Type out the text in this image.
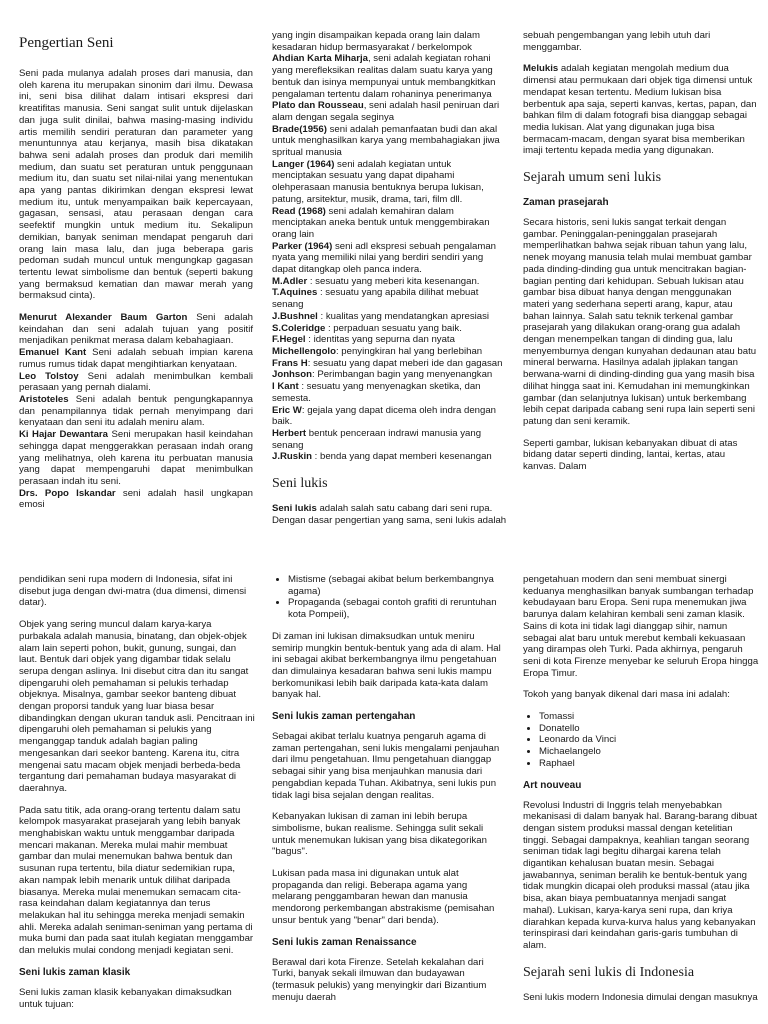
Pengertian Seni

Seni pada mulanya adalah proses dari manusia, dan oleh karena itu merupakan sinonim dari ilmu. Dewasa ini, seni bisa dilihat dalam intisari ekspresi dari kreatifitas manusia. Seni sangat sulit untuk dijelaskan dan juga sulit dinilai, bahwa masing-masing individu artis memilih sendiri peraturan dan parameter yang menuntunnya atau kerjanya, masih bisa dikatakan bahwa seni adalah proses dan produk dari memilih medium, dan suatu set peraturan untuk penggunaan medium itu, dan suatu set nilai-nilai yang menentukan apa yang pantas dikirimkan dengan ekspresi lewat medium itu, untuk menyampaikan baik kepercayaan, gagasan, sensasi, atau perasaan dengan cara seefektif mungkin untuk medium itu. Sekalipun demikian, banyak seniman mendapat pengaruh dari orang lain masa lalu, dan juga beberapa garis pedoman sudah muncul untuk mengungkap gagasan tertentu lewat simbolisme dan bentuk (seperti bakung yang bermaksud kematian dan mawar merah yang bermaksud cinta).

Menurut Alexander Baum Garton Seni adalah keindahan dan seni adalah tujuan yang positif menjadikan penikmat merasa dalam kebahagiaan.

Emanuel Kant Seni adalah sebuah impian karena rumus rumus tidak dapat mengihtiarkan kenyataan.

Leo Tolstoy Seni adalah menimbulkan kembali perasaan yang pernah dialami.

Aristoteles Seni adalah bentuk pengungkapannya dan penampilannya tidak pernah menyimpang dari kenyataan dan seni itu adalah meniru alam.

Ki Hajar Dewantara Seni merupakan hasil keindahan sehingga dapat menggerakkan perasaan indah orang yang melihatnya, oleh karena itu perbuatan manusia yang dapat mempengaruhi dapat menimbulkan perasaan indah itu seni.

Drs. Popo Iskandar seni adalah hasil ungkapan emosi

yang ingin disampaikan kepada orang lain dalam kesadaran hidup bermasyarakat / berkelompok

Ahdian Karta Miharja, seni adalah kegiatan rohani yang merefleksikan realitas dalam suatu karya yang bentuk dan isinya mempunyai untuk membangkitkan pengalaman tertentu dalam rohaninya penerimanya

Plato dan Rousseau, seni adalah hasil peniruan dari alam dengan segala seginya

Brade(1956) seni adalah pemanfaatan budi dan akal untuk menghasilkan karya yang membahagiakan jiwa spritual manusia

Langer (1964) seni adalah kegiatan untuk menciptakan sesuatu yang dapat dipahami olehperasaan manusia bentuknya berupa lukisan, patung, arsitektur, musik, drama, tari, film dll.

Read (1968) seni adalah kemahiran dalam menciptakan aneka bentuk untuk menggembirakan orang lain

Parker (1964) seni adl ekspresi sebuah pengalaman nyata yang memiliki nilai yang berdiri sendiri yang dapat ditangkap oleh panca indera.

M.Adler : sesuatu yang meberi kita kesenangan.

T.Aquines : sesuatu yang apabila dilihat mebuat senang

J.Bushnel : kualitas yang mendatangkan apresiasi

S.Coleridge : perpaduan sesuatu yang baik.

F.Hegel : identitas yang sepurna dan nyata

Michellengolo: penyingkiran hal yang berlebihan

Frans H: sesuatu yang dapat meberi ide dan gagasan

Jonhson: Perimbangan bagin yang menyenangkan

I Kant : sesuatu yang menyenagkan sketika, dan semesta.

Eric W: gejala yang dapat dicema oleh indra dengan baik.

Herbert bentuk penceraan indrawi manusia yang senang

J.Ruskin : benda yang dapat memberi kesenangan

Seni lukis

Seni lukis adalah salah satu cabang dari seni rupa. Dengan dasar pengertian yang sama, seni lukis adalah

sebuah pengembangan yang lebih utuh dari menggambar.

Melukis adalah kegiatan mengolah medium dua dimensi atau permukaan dari objek tiga dimensi untuk mendapat kesan tertentu. Medium lukisan bisa berbentuk apa saja, seperti kanvas, kertas, papan, dan bahkan film di dalam fotografi bisa dianggap sebagai media lukisan. Alat yang digunakan juga bisa bermacam-macam, dengan syarat bisa memberikan imaji tertentu kepada media yang digunakan.

Sejarah umum seni lukis
Zaman prasejarah

Secara historis, seni lukis sangat terkait dengan gambar. Peninggalan-peninggalan prasejarah memperlihatkan bahwa sejak ribuan tahun yang lalu, nenek moyang manusia telah mulai membuat gambar pada dinding-dinding gua untuk mencitrakan bagian-bagian penting dari kehidupan. Sebuah lukisan atau gambar bisa dibuat hanya dengan menggunakan materi yang sederhana seperti arang, kapur, atau bahan lainnya. Salah satu teknik terkenal gambar prasejarah yang dilakukan orang-orang gua adalah dengan menempelkan tangan di dinding gua, lalu menyemburnya dengan kunyahan dedaunan atau batu mineral berwarna. Hasilnya adalah jiplakan tangan berwana-warni di dinding-dinding gua yang masih bisa dilihat hingga saat ini. Kemudahan ini memungkinkan gambar (dan selanjutnya lukisan) untuk berkembang lebih cepat daripada cabang seni rupa lain seperti seni patung dan seni keramik.

Seperti gambar, lukisan kebanyakan dibuat di atas bidang datar seperti dinding, lantai, kertas, atau kanvas. Dalam

pendidikan seni rupa modern di Indonesia, sifat ini disebut juga dengan dwi-matra (dua dimensi, dimensi datar).

Objek yang sering muncul dalam karya-karya purbakala adalah manusia, binatang, dan objek-objek alam lain seperti pohon, bukit, gunung, sungai, dan laut. Bentuk dari objek yang digambar tidak selalu serupa dengan aslinya. Ini disebut citra dan itu sangat dipengaruhi oleh pemahaman si pelukis terhadap objeknya. Misalnya, gambar seekor banteng dibuat dengan proporsi tanduk yang luar biasa besar dibandingkan dengan ukuran tanduk asli. Pencitraan ini dipengaruhi oleh pemahaman si pelukis yang menganggap tanduk adalah bagian paling mengesankan dari seekor banteng. Karena itu, citra mengenai satu macam objek menjadi berbeda-beda tergantung dari pemahaman budaya masyarakat di daerahnya.

Pada satu titik, ada orang-orang tertentu dalam satu kelompok masyarakat prasejarah yang lebih banyak menghabiskan waktu untuk menggambar daripada mencari makanan. Mereka mulai mahir membuat gambar dan mulai menemukan bahwa bentuk dan susunan rupa tertentu, bila diatur sedemikian rupa, akan nampak lebih menarik untuk dilihat daripada biasanya. Mereka mulai menemukan semacam cita-rasa keindahan dalam kegiatannya dan terus melakukan hal itu sehingga mereka menjadi semakin ahli. Mereka adalah seniman-seniman yang pertama di muka bumi dan pada saat itulah kegiatan menggambar dan melukis mulai condong menjadi kegiatan seni.

Seni lukis zaman klasik

Seni lukis zaman klasik kebanyakan dimaksudkan untuk tujuan:

• Mistisme (sebagai akibat belum berkembangnya agama)
• Propaganda (sebagai contoh grafiti di reruntuhan kota Pompeii),

Di zaman ini lukisan dimaksudkan untuk meniru semirip mungkin bentuk-bentuk yang ada di alam. Hal ini sebagai akibat berkembangnya ilmu pengetahuan dan dimulainya kesadaran bahwa seni lukis mampu berkomunikasi lebih baik daripada kata-kata dalam banyak hal.

Seni lukis zaman pertengahan

Sebagai akibat terlalu kuatnya pengaruh agama di zaman pertengahan, seni lukis mengalami penjauhan dari ilmu pengetahuan. Ilmu pengetahuan dianggap sebagai sihir yang bisa menjauhkan manusia dari pengabdian kepada Tuhan. Akibatnya, seni lukis pun tidak lagi bisa sejalan dengan realitas.

Kebanyakan lukisan di zaman ini lebih berupa simbolisme, bukan realisme. Sehingga sulit sekali untuk menemukan lukisan yang bisa dikategorikan "bagus".

Lukisan pada masa ini digunakan untuk alat propaganda dan religi. Beberapa agama yang melarang penggambaran hewan dan manusia mendorong perkembangan abstrakisme (pemisahan unsur bentuk yang "benar" dari benda).

Seni lukis zaman Renaissance

Berawal dari kota Firenze. Setelah kekalahan dari Turki, banyak sekali ilmuwan dan budayawan (termasuk pelukis) yang menyingkir dari Bizantium menuju daerah

pengetahuan modern dan seni membuat sinergi keduanya menghasilkan banyak sumbangan terhadap kebudayaan baru Eropa. Seni rupa menemukan jiwa barunya dalam kelahiran kembali seni zaman klasik. Sains di kota ini tidak lagi dianggap sihir, namun sebagai alat baru untuk merebut kembali kekuasaan yang dirampas oleh Turki. Pada akhirnya, pengaruh seni di kota Firenze menyebar ke seluruh Eropa hingga Eropa Timur.

Tokoh yang banyak dikenal dari masa ini adalah:

• Tomassi
• Donatello
• Leonardo da Vinci
• Michaelangelo
• Raphael
Art nouveau

Revolusi Industri di Inggris telah menyebabkan mekanisasi di dalam banyak hal. Barang-barang dibuat dengan sistem produksi massal dengan ketelitian tinggi. Sebagai dampaknya, keahlian tangan seorang seniman tidak lagi begitu dihargai karena telah digantikan kehalusan buatan mesin. Sebagai jawabannya, seniman beralih ke bentuk-bentuk yang tidak mungkin dicapai oleh produksi massal (atau jika bisa, akan biaya pembuatannya menjadi sangat mahal). Lukisan, karya-karya seni rupa, dan kriya diarahkan kepada kurva-kurva halus yang kebanyakan terinspirasi dari keindahan garis-garis tumbuhan di alam.

Sejarah seni lukis di Indonesia

Seni lukis modern Indonesia dimulai dengan masuknya
